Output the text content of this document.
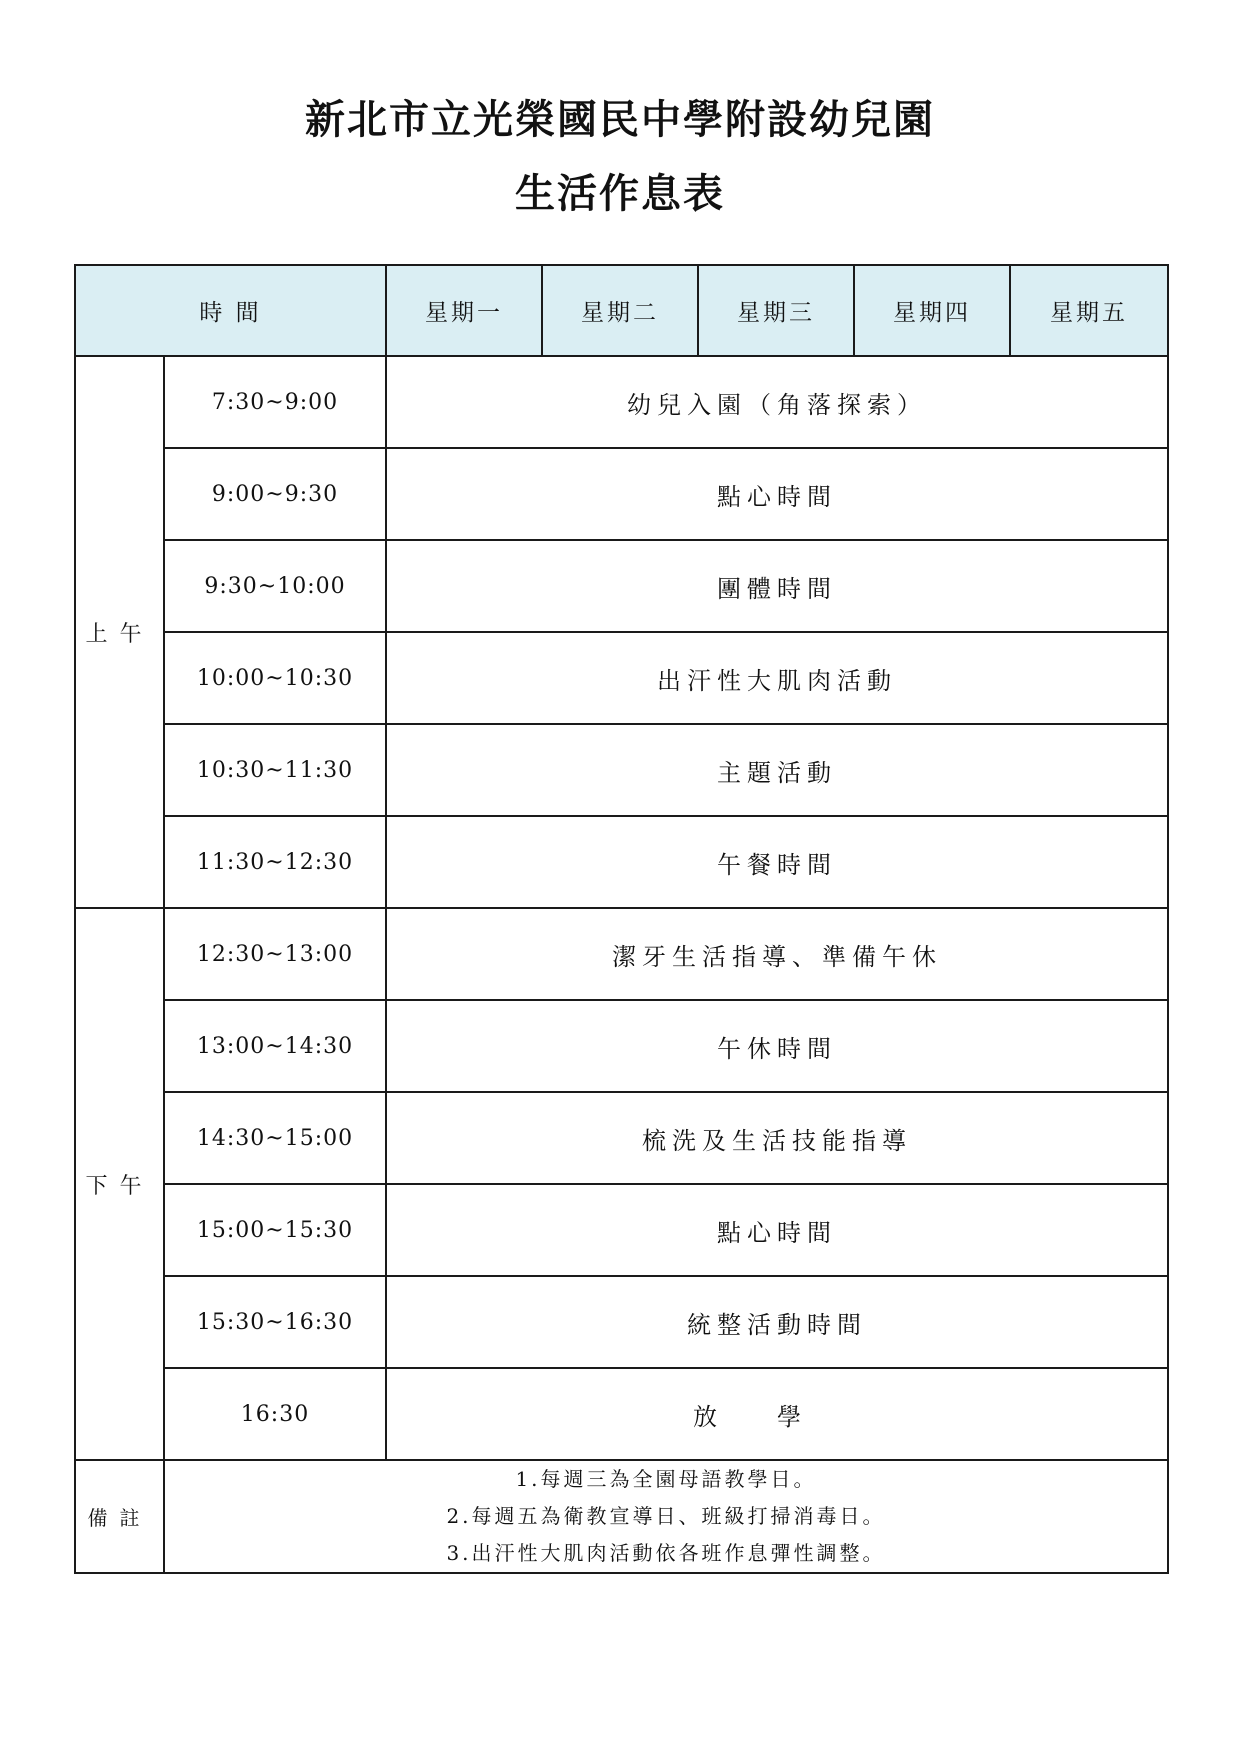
新北市立光榮國民中學附設幼兒園
生活作息表
時 間		星期一	星期二	星期三	星期四	星期五
上午	7:30~9:00	幼兒入園（角落探索）				
	9:00~9:30	點心時間				
	9:30~10:00	團體時間				
	10:00~10:30	出汗性大肌肉活動				
	10:30~11:30	主題活動				
	11:30~12:30	午餐時間				
下午	12:30~13:00	潔牙生活指導、準備午休				
	13:00~14:30	午休時間				
	14:30~15:00	梳洗及生活技能指導				
	15:00~15:30	點心時間				
	15:30~16:30	統整活動時間				
	16:30	放學				
備註	1.每週三為全園母語教學日。
2.每週五為衛教宣導日、班級打掃消毒日。
3.出汗性大肌肉活動依各班作息彈性調整。					
